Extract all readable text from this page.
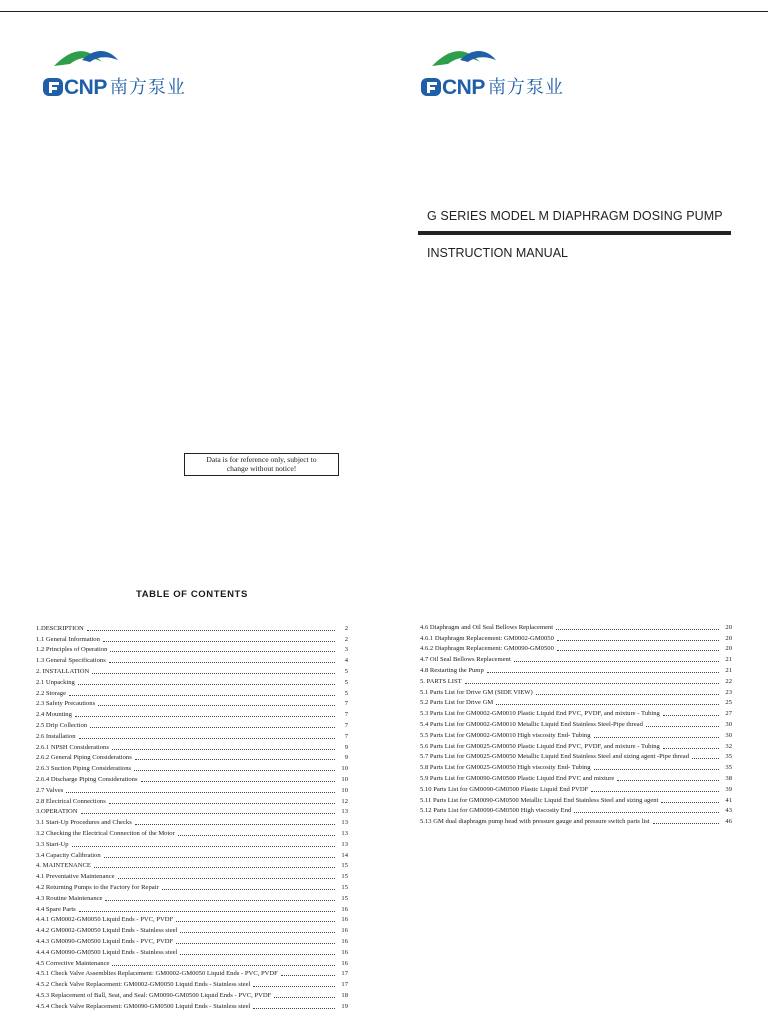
CNP 南方泵业	CNP 南方泵业
G SERIES MODEL M DIAPHRAGM DOSING PUMP
INSTRUCTION MANUAL
Data is for reference only, subject to
change without notice!
TABLE OF CONTENTS
1.DESCRIPTION	2
1.1 General Information	2
1.2 Principles of Operation	3
1.3 General Specifications	4
2. INSTALLATION	5
2.1 Unpacking	5
2.2 Storage	5
2.3 Safety Precautions	7
2.4 Mounting	7
2.5 Drip Collection	7
2.6 Installation	7
2.6.1 NPSH Considerations	9
2.6.2 General Piping Considerations	9
2.6.3 Suction Piping Considerations	10
2.6.4 Discharge Piping Considerations	10
2.7 Valves	10
2.8 Electrical Connections	12
3.OPERATION	13
3.1 Start-Up Procedures and Checks	13
3.2 Checking the Electrical Connection of the Motor	13
3.3 Start-Up	13
3.4 Capacity Calibration	14
4. MAINTENANCE	15
4.1 Preventative Maintenance	15
4.2 Returning Pumps to the Factory for Repair	15
4.3 Routine Maintenance	15
4.4 Spare Parts	16
4.4.1 GM0002-GM0050 Liquid Ends - PVC, PVDF	16
4.4.2 GM0002-GM0050 Liquid Ends - Stainless steel	16
4.4.3 GM0090-GM0500 Liquid Ends - PVC, PVDF	16
4.4.4 GM0090-GM0500 Liquid Ends - Stainless steel	16
4.5 Corrective Maintenance	16
4.5.1 Check Valve Assemblies Replacement: GM0002-GM0050 Liquid Ends - PVC, PVDF	17
4.5.2 Check Valve Replacement: GM0002-GM0050 Liquid Ends - Stainless steel	17
4.5.3 Replacement of Ball, Seat, and Seal: GM0090-GM0500 Liquid Ends - PVC, PVDF	18
4.5.4 Check Valve Replacement: GM0090-GM0500 Liquid Ends - Stainless steel	19
4.6 Diaphragm and Oil Seal Bellows Replacement	20
4.6.1 Diaphragm Replacement: GM0002-GM0050	20
4.6.2 Diaphragm Replacement: GM0090-GM0500	20
4.7 Oil Seal Bellows Replacement	21
4.8 Restarting the Pump	21
5. PARTS LIST	22
5.1 Parts List for Drive GM (SIDE VIEW)	23
5.2 Parts List for Drive GM	25
5.3 Parts List for GM0002-GM0010 Plastic Liquid End PVC, PVDF, and mixture - Tubing	27
5.4 Parts List for GM0002-GM0010 Metallic Liquid End Stainless Steel-Pipe thread	30
5.5 Parts List for GM0002-GM0010 High viscosity End- Tubing	30
5.6 Parts List for GM0025-GM0050 Plastic Liquid End PVC, PVDF, and mixture - Tubing	32
5.7 Parts List for GM0025-GM0050 Metallic Liquid End Stainless Steel and sizing agent -Pipe thread	35
5.8 Parts List for GM0025-GM0050 High viscosity End- Tubing	35
5.9 Parts List for GM0090-GM0500 Plastic Liquid End PVC and mixture	38
5.10 Parts List for GM0090-GM0500 Plastic Liquid End PVDF	39
5.11 Parts List for GM0090-GM0500 Metallic Liquid End Stainless Steel and sizing agent	41
5.12 Parts List for GM0090-GM0500 High viscosity End	43
5.13 GM dual diaphragm pump head with pressure gauge and pressure switch parts list	46
